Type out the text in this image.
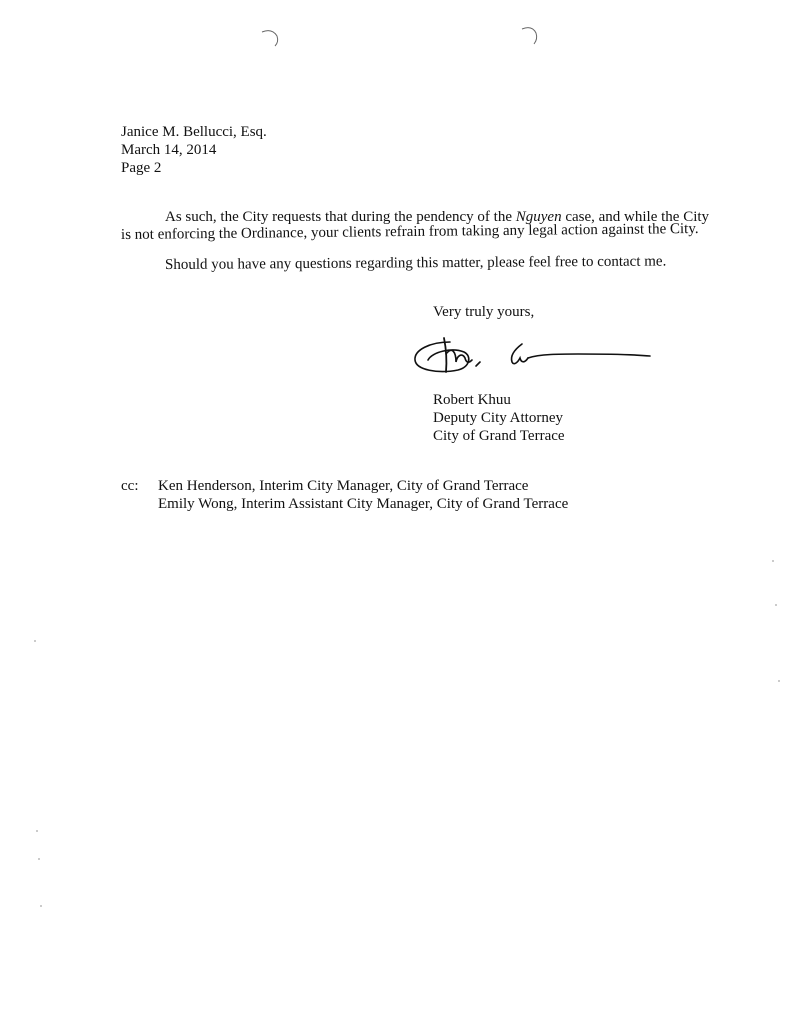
Janice M. Bellucci, Esq.
March 14, 2014
Page 2
As such, the City requests that during the pendency of the Nguyen case, and while the City
is not enforcing the Ordinance, your clients refrain from taking any legal action against the City.
Should you have any questions regarding this matter, please feel free to contact me.
Very truly yours,
Robert Khuu
Deputy City Attorney
City of Grand Terrace
cc:	Ken Henderson, Interim City Manager, City of Grand Terrace
Emily Wong, Interim Assistant City Manager, City of Grand Terrace
